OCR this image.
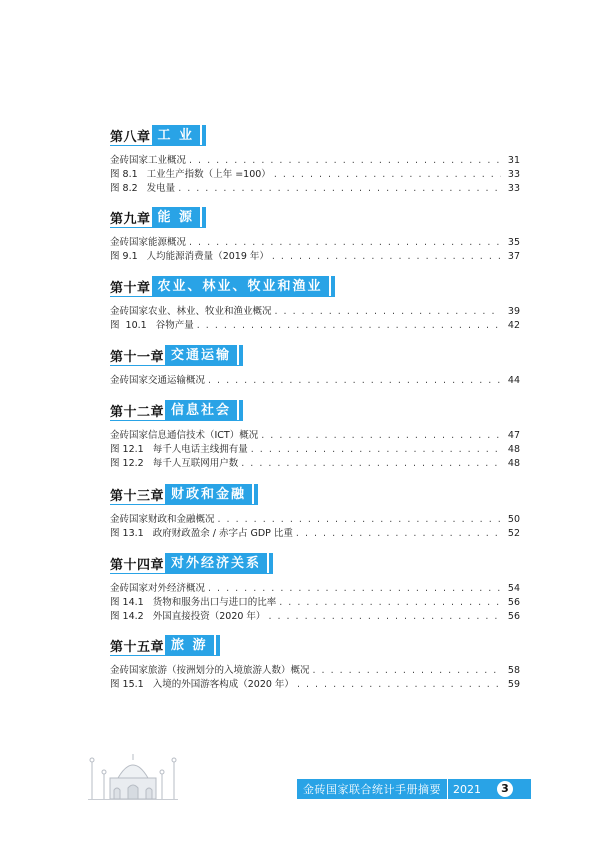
第八章 工 业
金砖国家工业概况 . . .	31
图 8.1   工业生产指数（上年 =100） . . .	33
图 8.2   发电量 . . .	33
第九章 能 源
金砖国家能源概况 . . .	35
图 9.1   人均能源消费量（2019 年） . . .	37
第十章 农业、林业、牧业和渔业
金砖国家农业、林业、牧业和渔业概况 . . .	39
图  10.1   谷物产量 . . .	42
第十一章 交通运输
金砖国家交通运输概况 . . .	44
第十二章 信息社会
金砖国家信息通信技术（ICT）概况 . . .	47
图 12.1   每千人电话主线拥有量 . . .	48
图 12.2   每千人互联网用户数 . . .	48
第十三章 财政和金融
金砖国家财政和金融概况 . . .	50
图 13.1   政府财政盈余 / 赤字占 GDP 比重 . . .	52
第十四章 对外经济关系
金砖国家对外经济概况 . . .	54
图 14.1   货物和服务出口与进口的比率 . . .	56
图 14.2   外国直接投资（2020 年） . . .	56
第十五章 旅 游
金砖国家旅游（按洲划分的入境旅游人数）概况 . . .	58
图 15.1   入境的外国游客构成（2020 年） . . .	59
金砖国家联合统计手册摘要 2021	3
